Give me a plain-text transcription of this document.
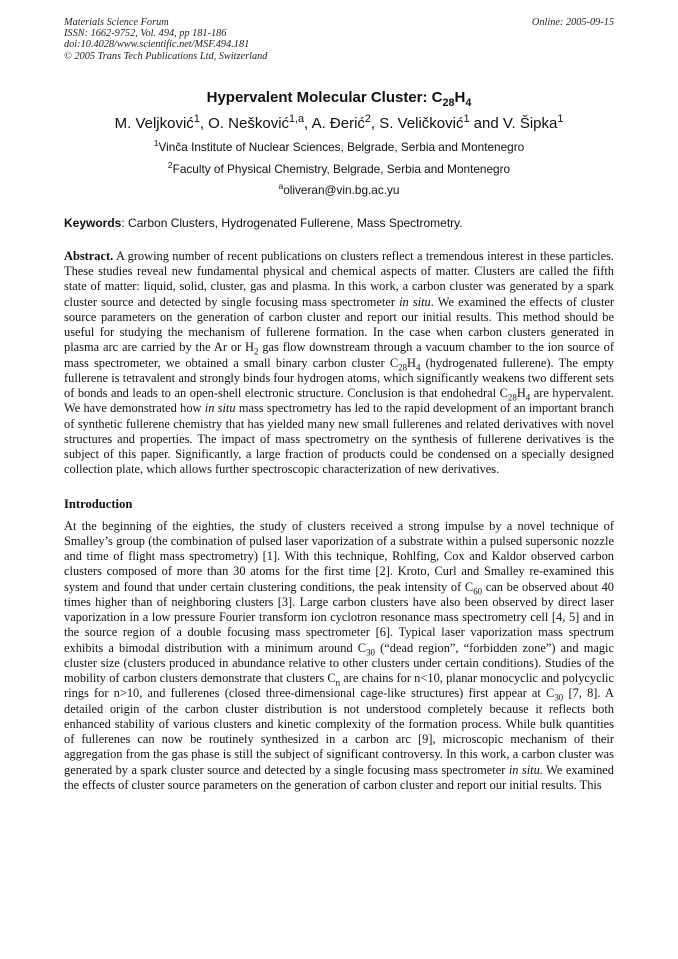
Materials Science Forum
ISSN: 1662-9752, Vol. 494, pp 181-186
doi:10.4028/www.scientific.net/MSF.494.181
© 2005 Trans Tech Publications Ltd, Switzerland
Online: 2005-09-15
Hypervalent Molecular Cluster: $C_{28}H_4$
M. Veljković$^1$, O. Nešković$^{1,a}$, A. Đerić$^2$, S. Veličković$^1$ and V. Šipka$^1$
$^1$Vinča Institute of Nuclear Sciences, Belgrade, Serbia and Montenegro
$^2$Faculty of Physical Chemistry, Belgrade, Serbia and Montenegro
$^a$oliveran@vin.bg.ac.yu
Keywords: Carbon Clusters, Hydrogenated Fullerene, Mass Spectrometry.
Abstract. A growing number of recent publications on clusters reflect a tremendous interest in these particles. These studies reveal new fundamental physical and chemical aspects of matter. Clusters are called the fifth state of matter: liquid, solid, cluster, gas and plasma. In this work, a carbon cluster was generated by a spark cluster source and detected by single focusing mass spectrometer in situ. We examined the effects of cluster source parameters on the generation of carbon cluster and report our initial results. This method should be useful for studying the mechanism of fullerene formation. In the case when carbon clusters generated in plasma arc are carried by the Ar or $H_2$ gas flow downstream through a vacuum chamber to the ion source of mass spectrometer, we obtained a small binary carbon cluster $C_{28}H_4$ (hydrogenated fullerene). The empty fullerene is tetravalent and strongly binds four hydrogen atoms, which significantly weakens two different sets of bonds and leads to an open-shell electronic structure. Conclusion is that endohedral $C_{28}H_4$ are hypervalent. We have demonstrated how in situ mass spectrometry has led to the rapid development of an important branch of synthetic fullerene chemistry that has yielded many new small fullerenes and related derivatives with novel structures and properties. The impact of mass spectrometry on the synthesis of fullerene derivatives is the subject of this paper. Significantly, a large fraction of products could be condensed on a specially designed collection plate, which allows further spectroscopic characterization of new derivatives.
Introduction
At the beginning of the eighties, the study of clusters received a strong impulse by a novel technique of Smalley’s group (the combination of pulsed laser vaporization of a substrate within a pulsed supersonic nozzle and time of flight mass spectrometry) [1]. With this technique, Rohlfing, Cox and Kaldor observed carbon clusters composed of more than 30 atoms for the first time [2]. Kroto, Curl and Smalley re-examined this system and found that under certain clustering conditions, the peak intensity of $C_{60}$ can be observed about 40 times higher than of neighboring clusters [3]. Large carbon clusters have also been observed by direct laser vaporization in a low pressure Fourier transform ion cyclotron resonance mass spectrometry cell [4, 5] and in the source region of a double focusing mass spectrometer [6]. Typical laser vaporization mass spectrum exhibits a bimodal distribution with a minimum around $C_{30}$ (“dead region”, “forbidden zone”) and magic cluster size (clusters produced in abundance relative to other clusters under certain conditions). Studies of the mobility of carbon clusters demonstrate that clusters $C_n$ are chains for n<10, planar monocyclic and polycyclic rings for n>10, and fullerenes (closed three-dimensional cage-like structures) first appear at $C_{30}$ [7, 8]. A detailed origin of the carbon cluster distribution is not understood completely because it reflects both enhanced stability of various clusters and kinetic complexity of the formation process. While bulk quantities of fullerenes can now be routinely synthesized in a carbon arc [9], microscopic mechanism of their aggregation from the gas phase is still the subject of significant controversy. In this work, a carbon cluster was generated by a spark cluster source and detected by a single focusing mass spectrometer in situ. We examined the effects of cluster source parameters on the generation of carbon cluster and report our initial results. This
